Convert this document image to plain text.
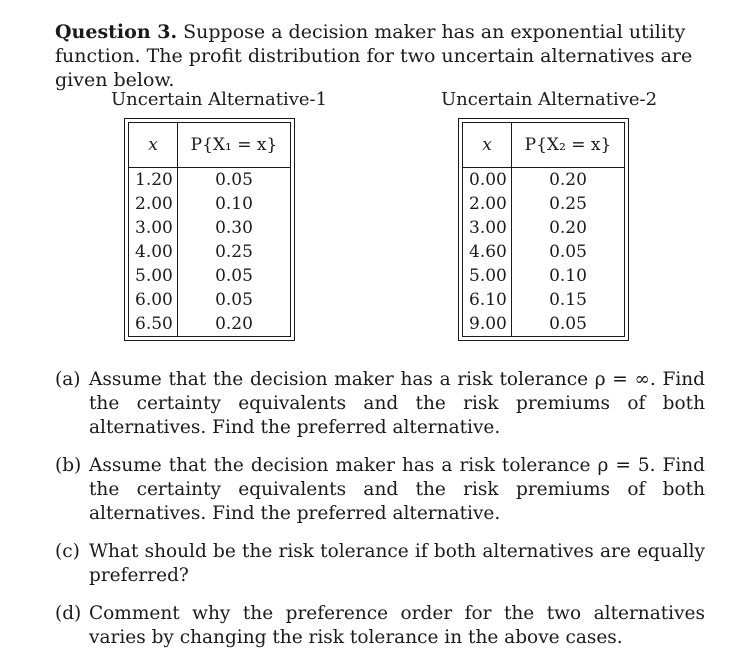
Question 3. Suppose a decision maker has an exponential utility function. The profit distribution for two uncertain alternatives are given below.
Uncertain Alternative-1
x	P{X₁ = x}
1.20	0.05
2.00	0.10
3.00	0.30
4.00	0.25
5.00	0.05
6.00	0.05
6.50	0.20
Uncertain Alternative-2
x	P{X₂ = x}
0.00	0.20
2.00	0.25
3.00	0.20
4.60	0.05
5.00	0.10
6.10	0.15
9.00	0.05
(a) Assume that the decision maker has a risk tolerance ρ = ∞. Find the certainty equivalents and the risk premiums of both alternatives. Find the preferred alternative.
(b) Assume that the decision maker has a risk tolerance ρ = 5. Find the certainty equivalents and the risk premiums of both alternatives. Find the preferred alternative.
(c) What should be the risk tolerance if both alternatives are equally preferred?
(d) Comment why the preference order for the two alternatives varies by changing the risk tolerance in the above cases.
